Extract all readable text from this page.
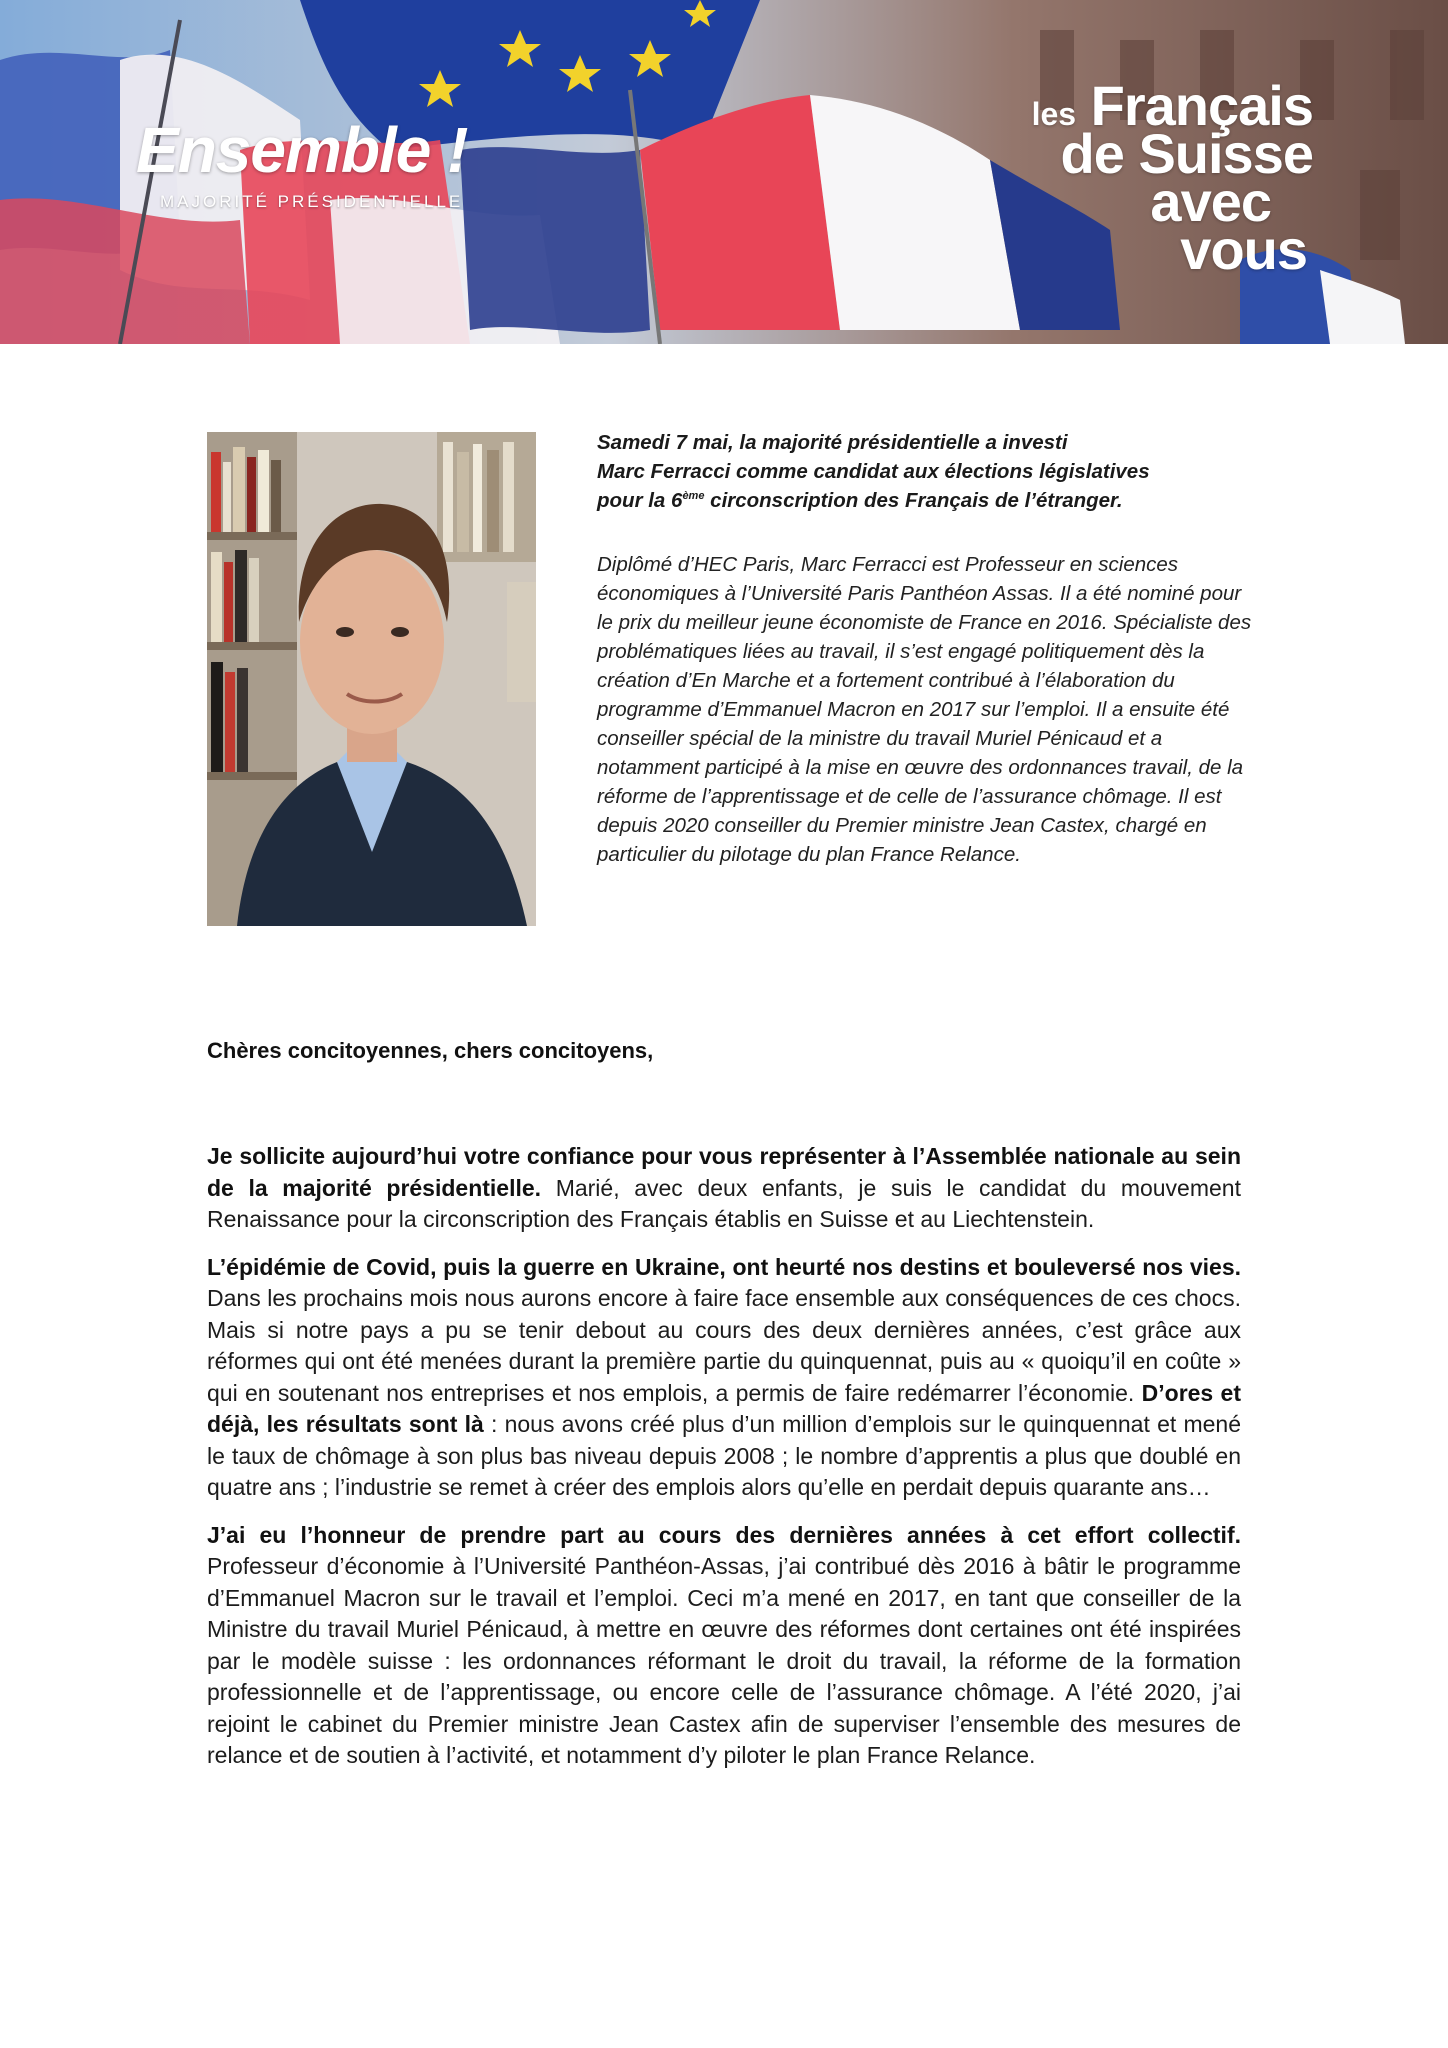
Ensemble !
MAJORITÉ PRÉSIDENTIELLE
les Français
de Suisse
avec
vous
Samedi 7 mai, la majorité présidentielle a investi
Marc Ferracci comme candidat aux élections législatives
pour la 6ème circonscription des Français de l’étranger.
Diplômé d’HEC Paris, Marc Ferracci est Professeur en sciences économiques à l’Université Paris Panthéon Assas. Il a été nominé pour le prix du meilleur jeune économiste de France en 2016. Spécialiste des problématiques liées au travail, il s’est engagé politiquement dès la création d’En Marche et a fortement contribué à l’élaboration du programme d’Emmanuel Macron en 2017 sur l’emploi. Il a ensuite été conseiller spécial de la ministre du travail Muriel Pénicaud et a notamment participé à la mise en œuvre des ordonnances travail, de la réforme de l’apprentissage et de celle de l’assurance chômage. Il est depuis 2020 conseiller du Premier ministre Jean Castex, chargé en particulier du pilotage du plan France Relance.
Chères concitoyennes, chers concitoyens,

Je sollicite aujourd’hui votre confiance pour vous représenter à l’Assemblée nationale au sein de la majorité présidentielle. Marié, avec deux enfants, je suis le candidat du mouvement Renaissance pour la circonscription des Français établis en Suisse et au Liechtenstein.

L’épidémie de Covid, puis la guerre en Ukraine, ont heurté nos destins et bouleversé nos vies. Dans les prochains mois nous aurons encore à faire face ensemble aux conséquences de ces chocs. Mais si notre pays a pu se tenir debout au cours des deux dernières années, c’est grâce aux réformes qui ont été menées durant la première partie du quinquennat, puis au « quoiqu’il en coûte » qui en soutenant nos entreprises et nos emplois, a permis de faire redémarrer l’économie. D’ores et déjà, les résultats sont là : nous avons créé plus d’un million d’emplois sur le quinquennat et mené le taux de chômage à son plus bas niveau depuis 2008 ; le nombre d’apprentis a plus que doublé en quatre ans ; l’industrie se remet à créer des emplois alors qu’elle en perdait depuis quarante ans…

J’ai eu l’honneur de prendre part au cours des dernières années à cet effort collectif. Professeur d’économie à l’Université Panthéon-Assas, j’ai contribué dès 2016 à bâtir le programme d’Emmanuel Macron sur le travail et l’emploi. Ceci m’a mené en 2017, en tant que conseiller de la Ministre du travail Muriel Pénicaud, à mettre en œuvre des réformes dont certaines ont été inspirées par le modèle suisse : les ordonnances réformant le droit du travail, la réforme de la formation professionnelle et de l’apprentissage, ou encore celle de l’assurance chômage. A l’été 2020, j’ai rejoint le cabinet du Premier ministre Jean Castex afin de superviser l’ensemble des mesures de relance et de soutien à l’activité, et notamment d’y piloter le plan France Relance.
